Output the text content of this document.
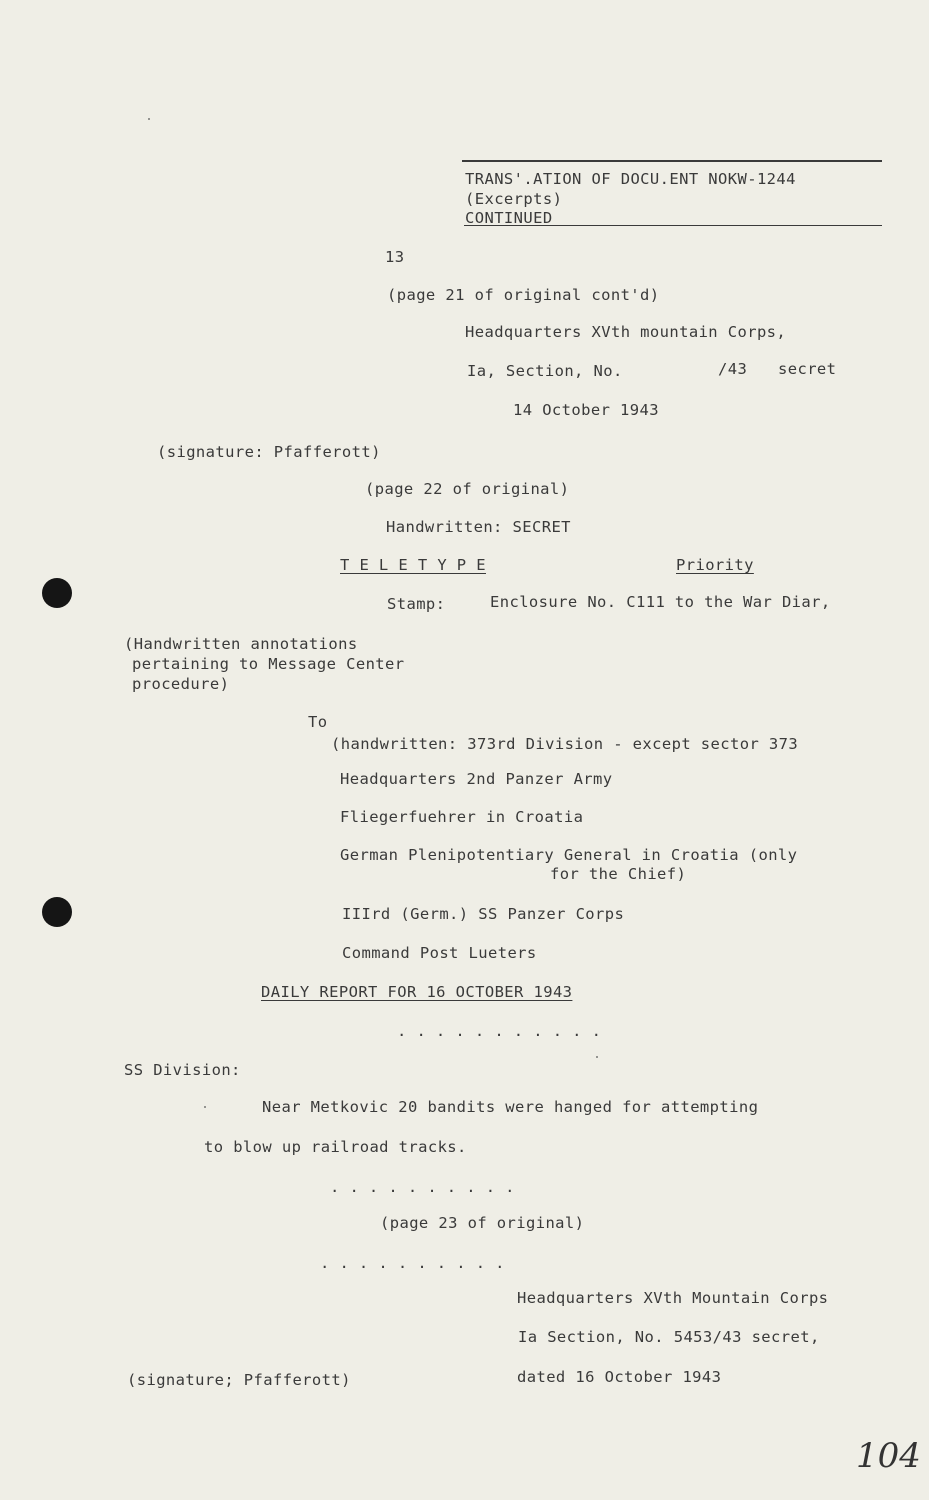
TRANS'.ATION OF DOCU.ENT NOKW-1244
(Excerpts)
CONTINUED
13
(page 21 of original cont'd)
Headquarters XVth mountain Corps,
Ia, Section, No.	/43 secret
14 October 1943
(signature: Pfafferott)
(page 22 of original)
Handwritten: SECRET
T E L E T Y P E	Priority
Stamp:	Enclosure No. C111 to the War Diar,
(Handwritten annotations
pertaining to Message Center
procedure)
To
(handwritten: 373rd Division - except sector 373
Headquarters 2nd Panzer Army
Fliegerfuehrer in Croatia
German Plenipotentiary General in Croatia (only
for the Chief)
IIIrd (Germ.) SS Panzer Corps
Command Post Lueters
DAILY REPORT FOR 16 OCTOBER 1943
. . . . . . . . . . .
SS Division:
Near Metkovic 20 bandits were hanged for attempting
to blow up railroad tracks.
. . . . . . . . . .
(page 23 of original)
. . . . . . . . . .
Headquarters XVth Mountain Corps
Ia Section, No. 5453/43 secret,
(signature; Pfafferott)	dated 16 October 1943
104
